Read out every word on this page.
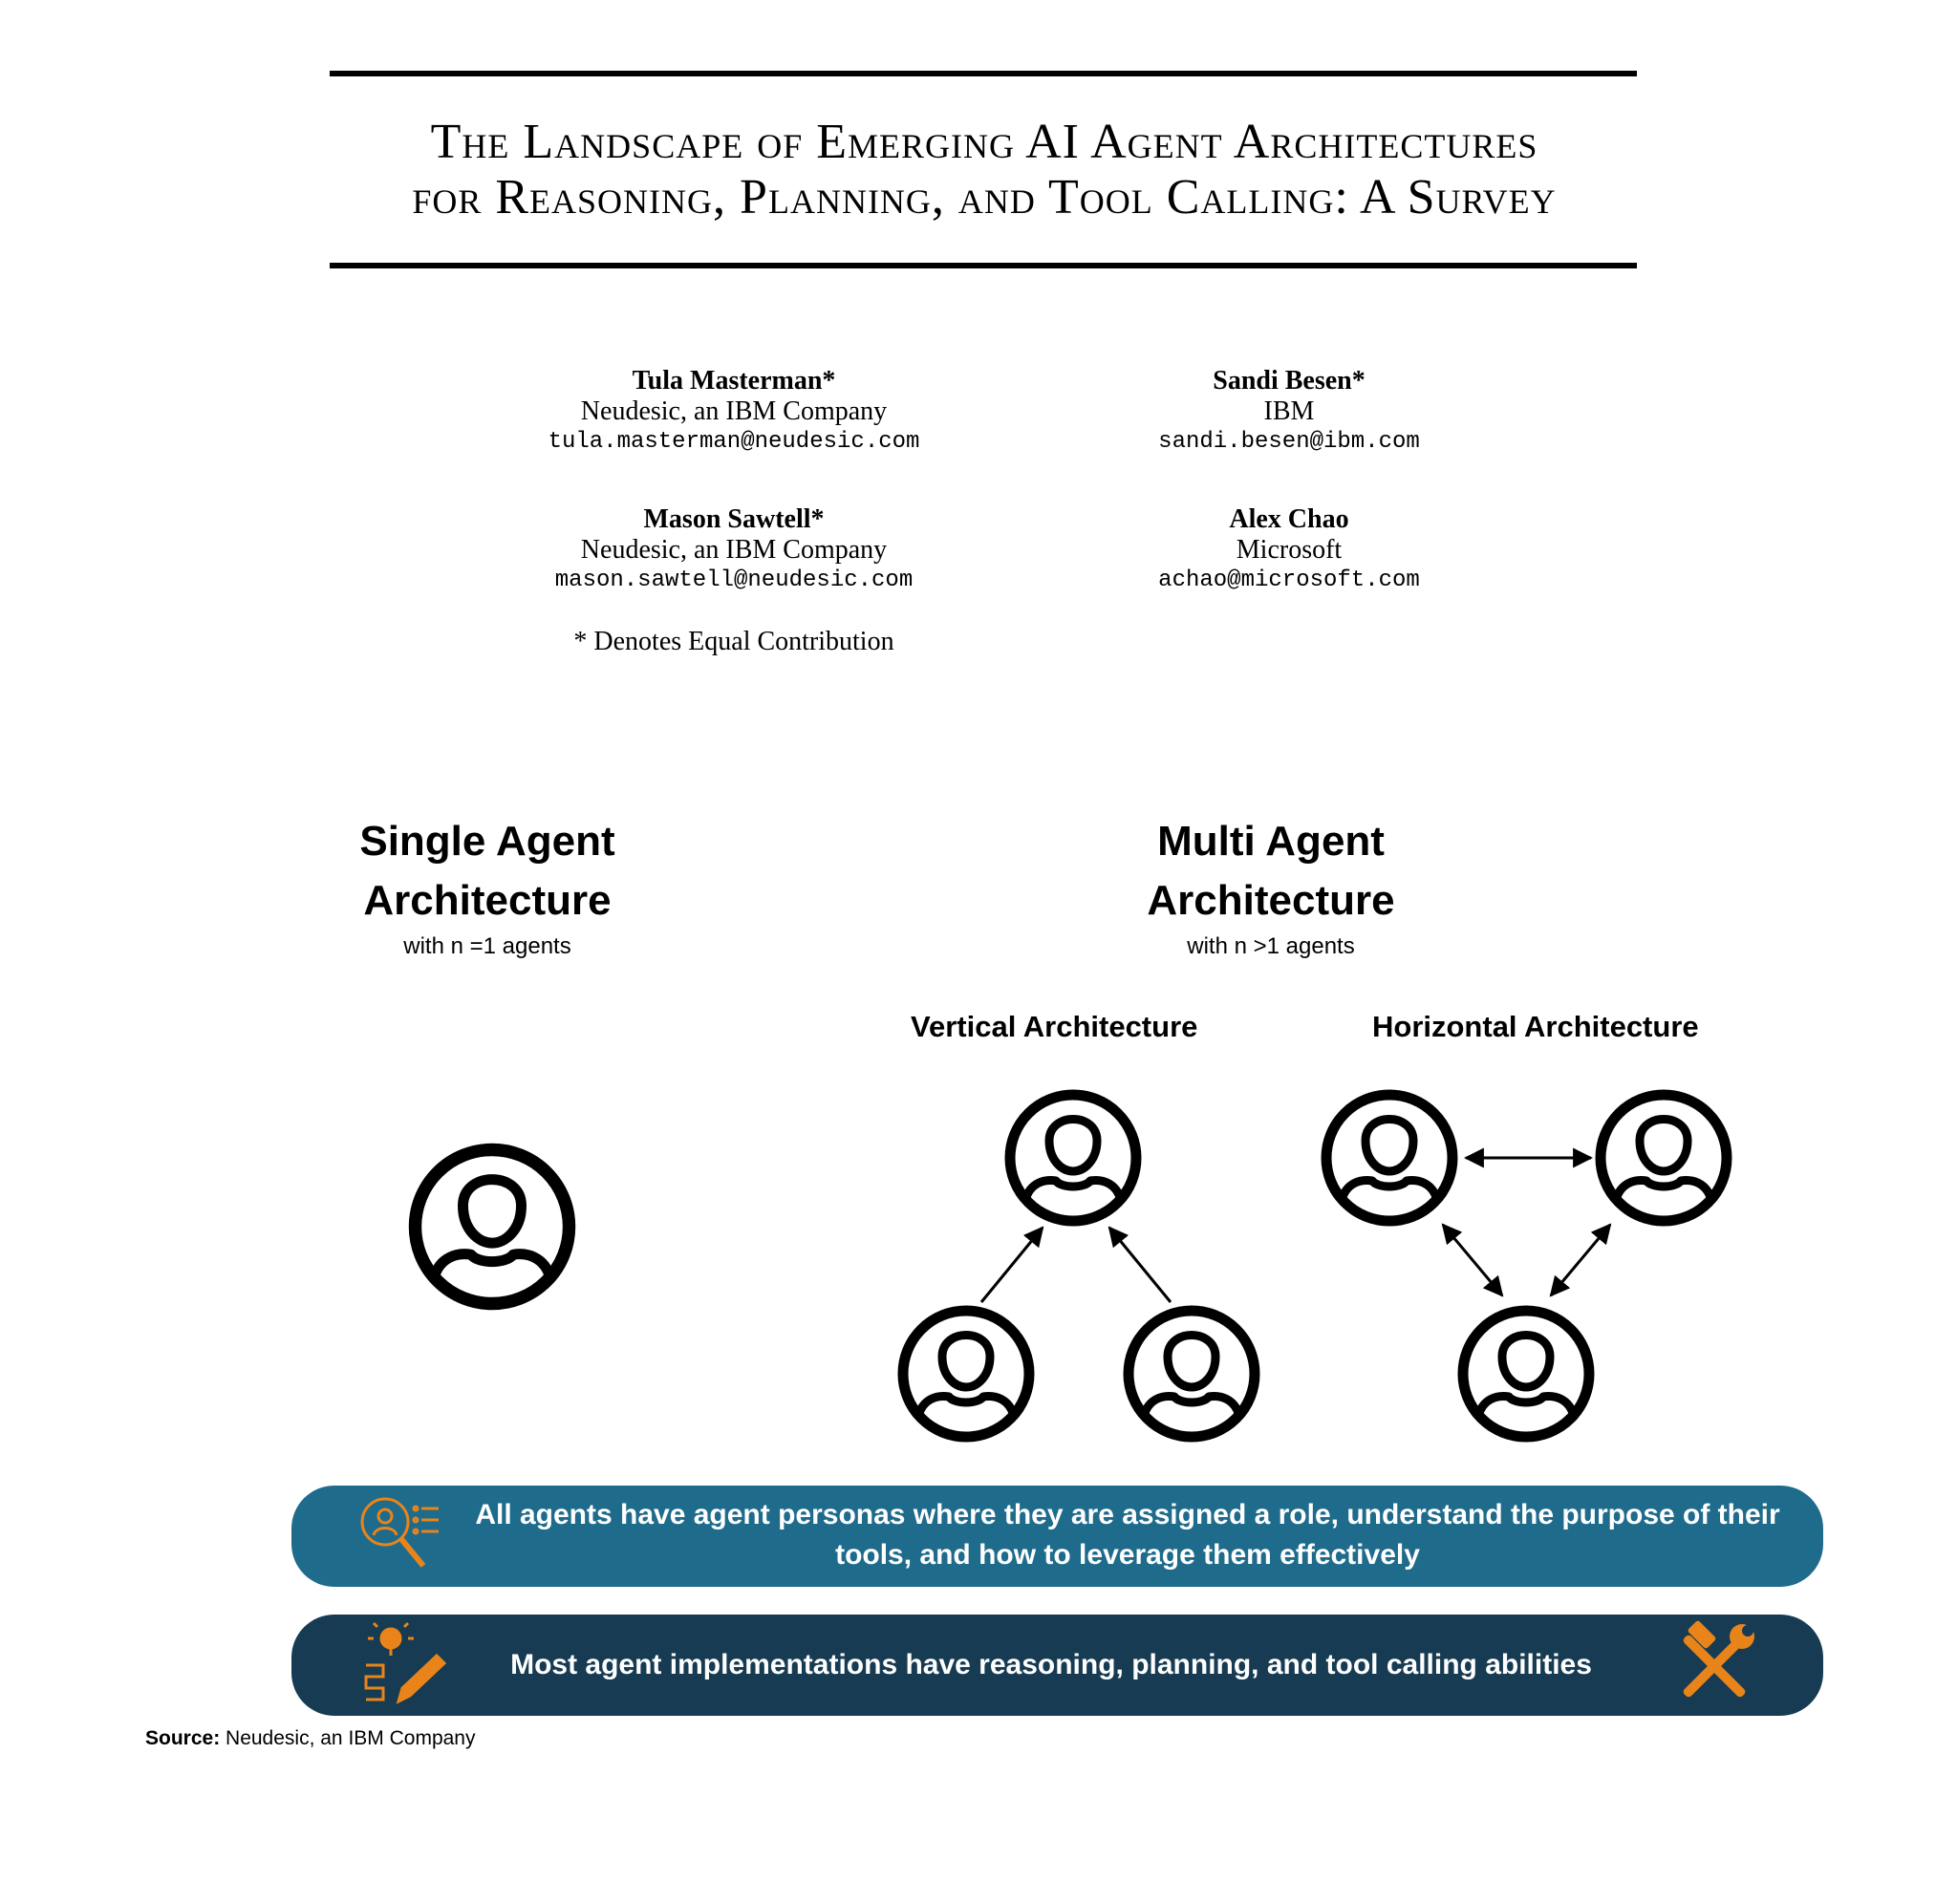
The Landscape of Emerging AI Agent Architectures
for Reasoning, Planning, and Tool Calling: A Survey
Tula Masterman*
Neudesic, an IBM Company
tula.masterman@neudesic.com
Sandi Besen*
IBM
sandi.besen@ibm.com
Mason Sawtell*
Neudesic, an IBM Company
mason.sawtell@neudesic.com
Alex Chao
Microsoft
achao@microsoft.com
* Denotes Equal Contribution
Single Agent
Architecture
with n =1 agents
Multi Agent
Architecture
with n >1 agents
Vertical Architecture	Horizontal Architecture
All agents have agent personas where they are assigned a role, understand the purpose of their tools, and how to leverage them effectively
Most agent implementations have reasoning, planning, and tool calling abilities
Source: Neudesic, an IBM Company
